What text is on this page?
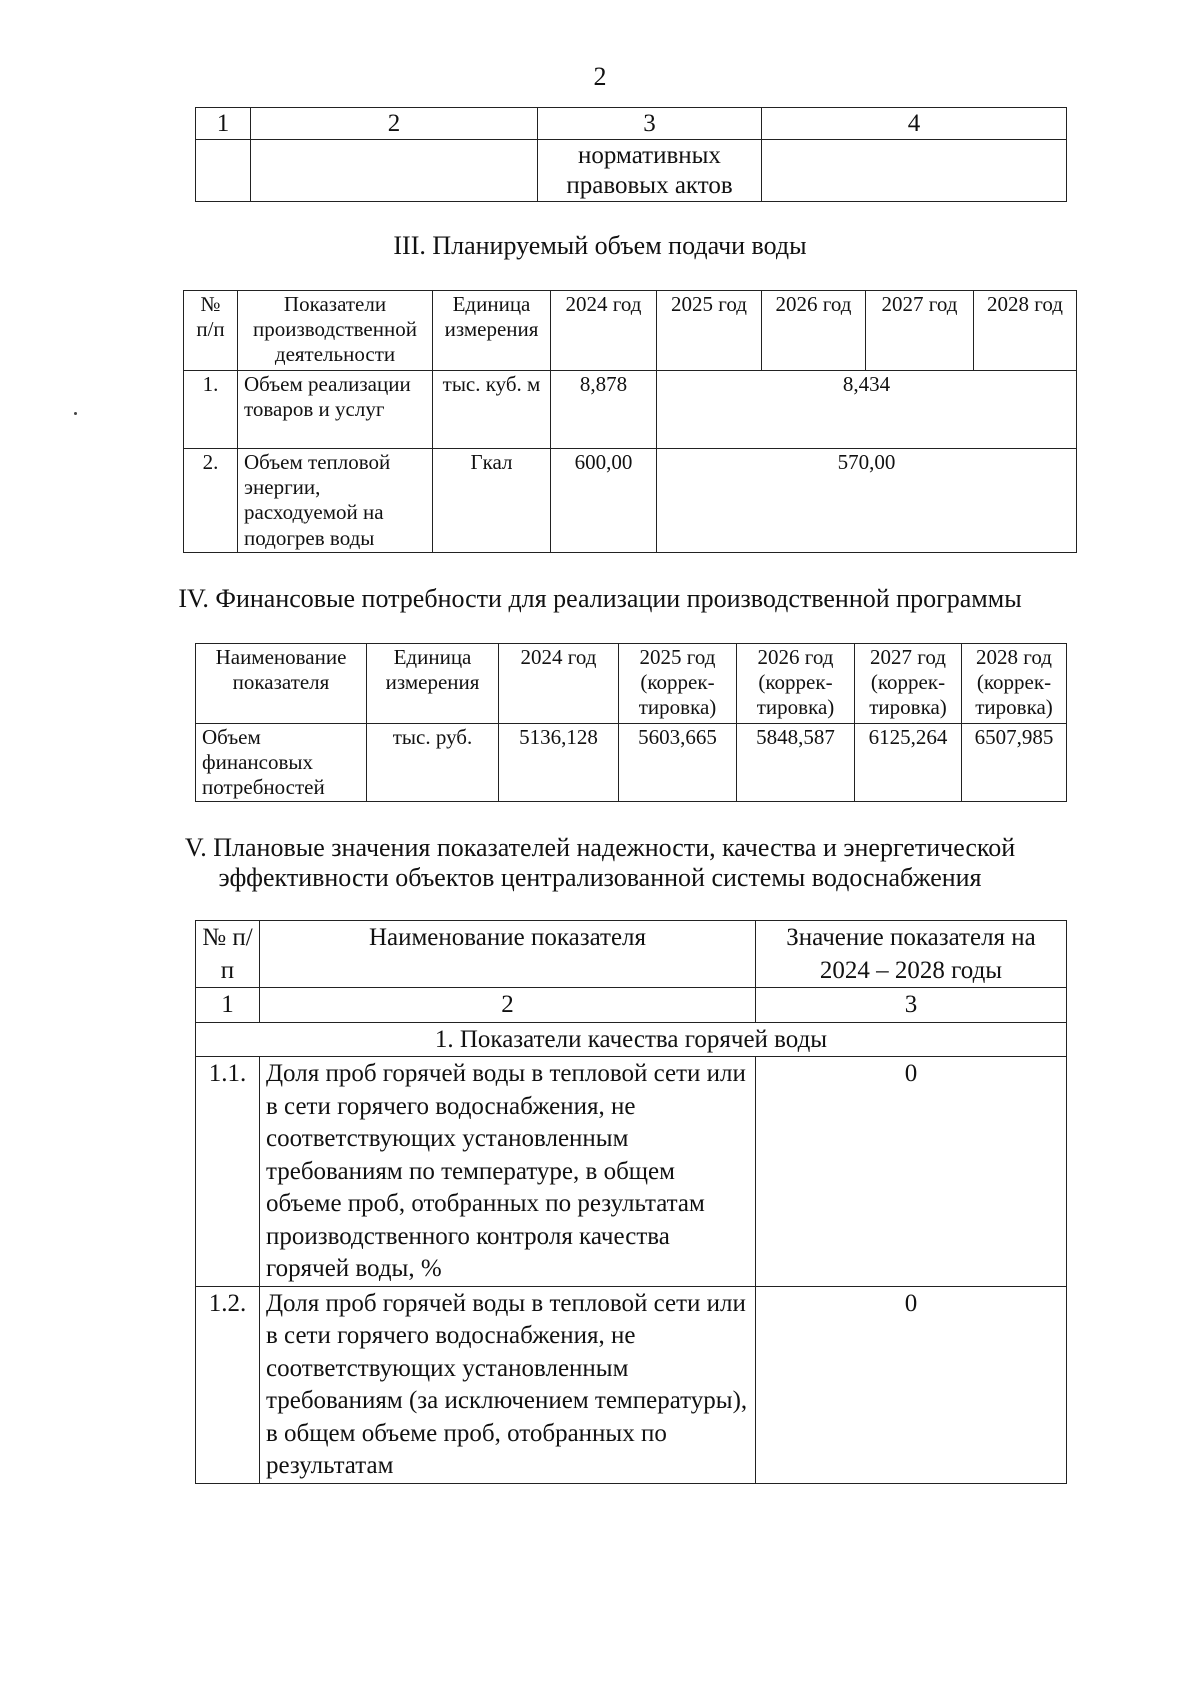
2
1	2	3	4
		нормативных правовых актов	
III. Планируемый объем подачи воды
№ п/п	Показатели производственной деятельности	Единица измерения	2024 год	2025 год	2026 год	2027 год	2028 год
1.	Объем реализации товаров и услуг	тыс. куб. м	8,878	8,434			
2.	Объем тепловой энергии, расходуемой на подогрев воды	Гкал	600,00	570,00			
IV. Финансовые потребности для реализации производственной программы
Наименование показателя	Единица измерения	2024 год	2025 год (коррек-тировка)	2026 год (коррек-тировка)	2027 год (коррек-тировка)	2028 год (коррек-тировка)
Объем финансовых потребностей	тыс. руб.	5136,128	5603,665	5848,587	6125,264	6507,985
V. Плановые значения показателей надежности, качества и энергетической
эффективности объектов централизованной системы водоснабжения
№ п/п	Наименование показателя	Значение показателя на 2024 – 2028 годы
1	2	3
1. Показатели качества горячей воды		
1.1.	Доля проб горячей воды в тепловой сети или в сети горячего водоснабжения, не соответствующих установленным требованиям по температуре, в общем объеме проб, отобранных по результатам производственного контроля качества горячей воды, %	0
1.2.	Доля проб горячей воды в тепловой сети или в сети горячего водоснабжения, не соответствующих установленным требованиям (за исключением температуры), в общем объеме проб, отобранных по результатам	0
